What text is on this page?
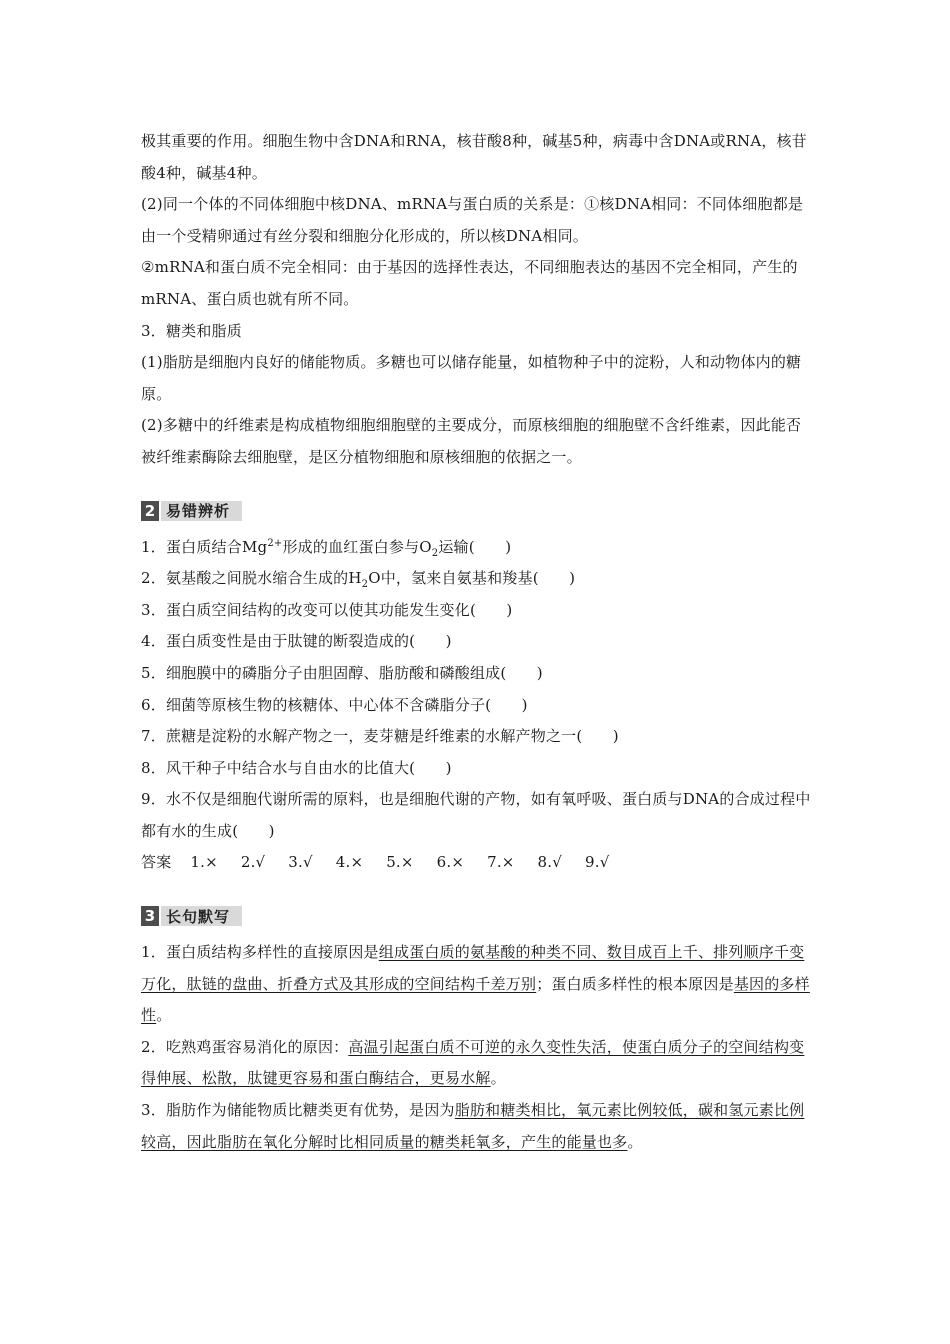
极其重要的作用。细胞生物中含DNA和RNA，核苷酸8种，碱基5种，病毒中含DNA或RNA，核苷酸4种，碱基4种。

(2)同一个体的不同体细胞中核DNA、mRNA与蛋白质的关系是：①核DNA相同：不同体细胞都是由一个受精卵通过有丝分裂和细胞分化形成的，所以核DNA相同。

②mRNA和蛋白质不完全相同：由于基因的选择性表达，不同细胞表达的基因不完全相同，产生的mRNA、蛋白质也就有所不同。

3．糖类和脂质

(1)脂肪是细胞内良好的储能物质。多糖也可以储存能量，如植物种子中的淀粉，人和动物体内的糖原。

(2)多糖中的纤维素是构成植物细胞细胞壁的主要成分，而原核细胞的细胞壁不含纤维素，因此能否被纤维素酶除去细胞壁，是区分植物细胞和原核细胞的依据之一。

2 易错辨析

1．蛋白质结合$Mg^{2+}$形成的血红蛋白参与$O_2$运输(　　)

2．氨基酸之间脱水缩合生成的$H_2O$中，氢来自氨基和羧基(　　)

3．蛋白质空间结构的改变可以使其功能发生变化(　　)

4．蛋白质变性是由于肽键的断裂造成的(　　)

5．细胞膜中的磷脂分子由胆固醇、脂肪酸和磷酸组成(　　)

6．细菌等原核生物的核糖体、中心体不含磷脂分子(　　)

7．蔗糖是淀粉的水解产物之一，麦芽糖是纤维素的水解产物之一(　　)

8．风干种子中结合水与自由水的比值大(　　)

9．水不仅是细胞代谢所需的原料，也是细胞代谢的产物，如有氧呼吸、蛋白质与DNA的合成过程中都有水的生成(　　)

答案 1.× 2.√ 3.√ 4.× 5.× 6.× 7.× 8.√ 9.√

3 长句默写

1．蛋白质结构多样性的直接原因是组成蛋白质的氨基酸的种类不同、数目成百上千、排列顺序千变万化，肽链的盘曲、折叠方式及其形成的空间结构千差万别；蛋白质多样性的根本原因是基因的多样性。

2．吃熟鸡蛋容易消化的原因：高温引起蛋白质不可逆的永久变性失活，使蛋白质分子的空间结构变得伸展、松散，肽键更容易和蛋白酶结合，更易水解。

3．脂肪作为储能物质比糖类更有优势，是因为脂肪和糖类相比，氧元素比例较低，碳和氢元素比例较高，因此脂肪在氧化分解时比相同质量的糖类耗氧多，产生的能量也多。
